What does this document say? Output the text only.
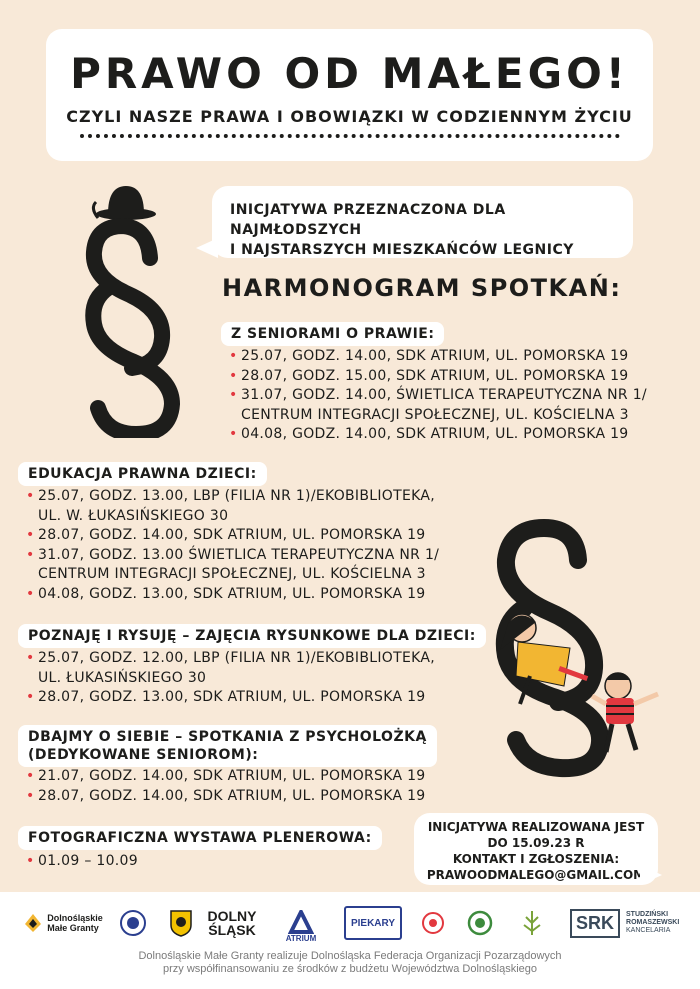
PRAWO OD MAŁEGO!
CZYLI NASZE PRAWA I OBOWIĄZKI W CODZIENNYM ŻYCIU
INICJATYWA PRZEZNACZONA DLA NAJMŁODSZYCH
I NAJSTARSZYCH MIESZKAŃCÓW LEGNICY
HARMONOGRAM SPOTKAŃ:
Z SENIORAMI O PRAWIE:
• 25.07, GODZ. 14.00, SDK ATRIUM, UL. POMORSKA 19
• 28.07, GODZ. 15.00, SDK ATRIUM, UL. POMORSKA 19
• 31.07, GODZ. 14.00, ŚWIETLICA TERAPEUTYCZNA NR 1/
CENTRUM INTEGRACJI SPOŁECZNEJ, UL. KOŚCIELNA 3
• 04.08, GODZ. 14.00, SDK ATRIUM, UL. POMORSKA 19
EDUKACJA PRAWNA DZIECI:
• 25.07, GODZ. 13.00, LBP (FILIA NR 1)/EKOBIBLIOTEKA,
UL. W. ŁUKASIŃSKIEGO 30
• 28.07, GODZ. 14.00, SDK ATRIUM, UL. POMORSKA 19
• 31.07, GODZ. 13.00 ŚWIETLICA TERAPEUTYCZNA NR 1/
CENTRUM INTEGRACJI SPOŁECZNEJ, UL. KOŚCIELNA 3
• 04.08, GODZ. 13.00, SDK ATRIUM, UL. POMORSKA 19
POZNAJĘ I RYSUJĘ – ZAJĘCIA RYSUNKOWE DLA DZIECI:
• 25.07, GODZ. 12.00, LBP (FILIA NR 1)/EKOBIBLIOTEKA,
UL. ŁUKASIŃSKIEGO 30
• 28.07, GODZ. 13.00, SDK ATRIUM, UL. POMORSKA 19
DBAJMY O SIEBIE – SPOTKANIA Z PSYCHOLOŻKĄ
(DEDYKOWANE SENIOROM):
• 21.07, GODZ. 14.00, SDK ATRIUM, UL. POMORSKA 19
• 28.07, GODZ. 14.00, SDK ATRIUM, UL. POMORSKA 19
FOTOGRAFICZNA WYSTAWA PLENEROWA:
• 01.09 – 10.09
INICJATYWA REALIZOWANA JEST
DO 15.09.23 R
KONTAKT I ZGŁOSZENIA:
PRAWOODMALEGO@GMAIL.COM
Dolnośląskie
Małe Granty
DOLNY
ŚLĄSK	ATRIUM
PIEKARY	SRK	STUDZIŃSKI
ROMASZEWSKI
KANCELARIA
Dolnośląskie Małe Granty realizuje Dolnośląska Federacja Organizacji Pozarządowych
przy współfinansowaniu ze środków z budżetu Województwa Dolnośląskiego
